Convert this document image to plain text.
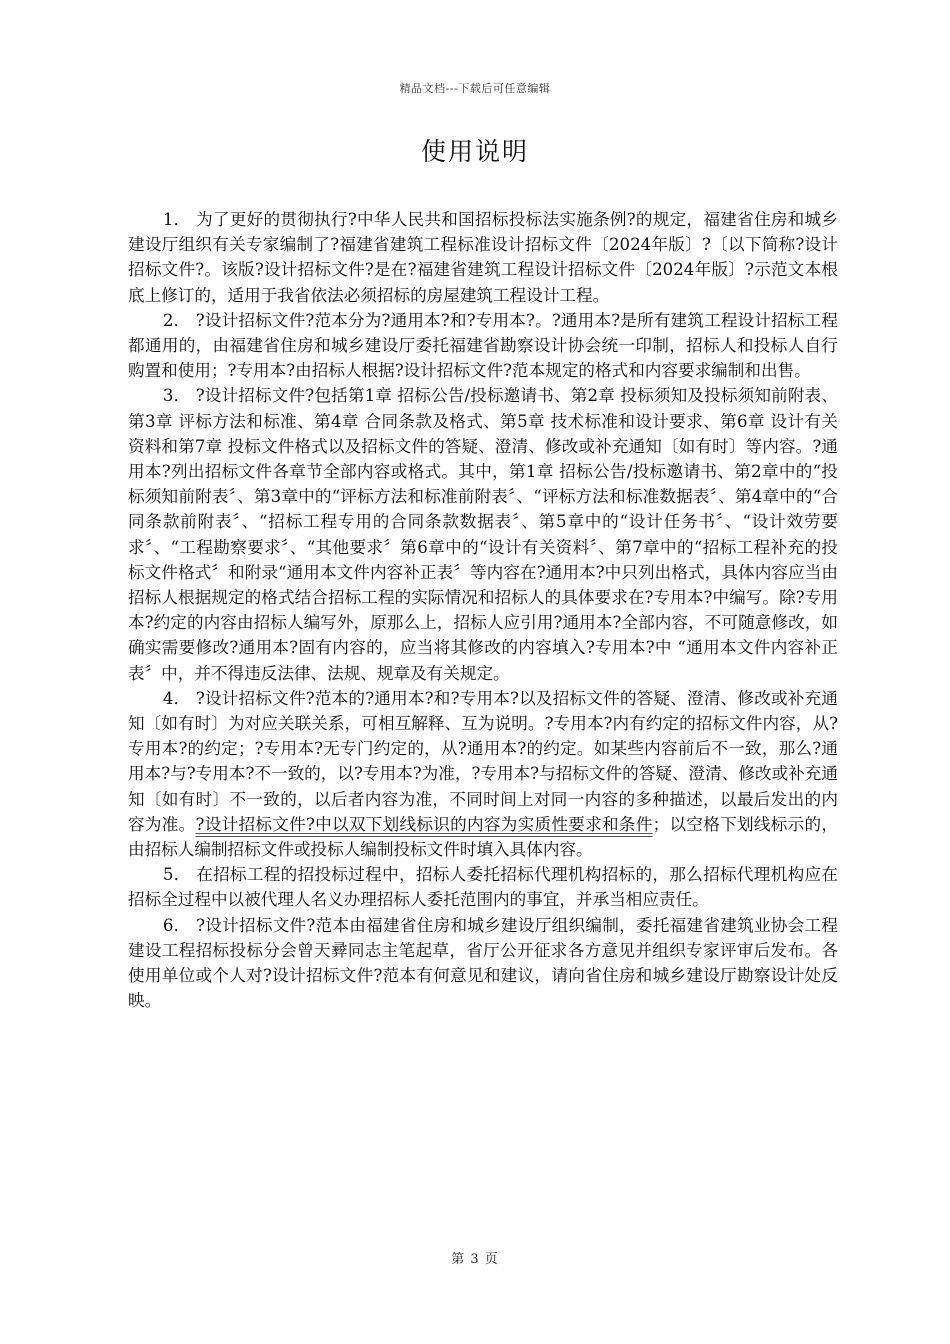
精品文档---下载后可任意编辑
使用说明

1． 为了更好的贯彻执行?中华人民共和国招标投标法实施条例?的规定，福建省住房和城乡建设厅组织有关专家编制了?福建省建筑工程标准设计招标文件〔2024年版〕?〔以下简称?设计招标文件?。该版?设计招标文件?是在?福建省建筑工程设计招标文件〔2024年版〕?示范文本根底上修订的，适用于我省依法必须招标的房屋建筑工程设计工程。

2． ?设计招标文件?范本分为?通用本?和?专用本?。?通用本?是所有建筑工程设计招标工程都通用的，由福建省住房和城乡建设厅委托福建省勘察设计协会统一印制，招标人和投标人自行购置和使用；?专用本?由招标人根据?设计招标文件?范本规定的格式和内容要求编制和出售。

3． ?设计招标文件?包括第1章 招标公告/投标邀请书、第2章 投标须知及投标须知前附表、第3章 评标方法和标准、第4章 合同条款及格式、第5章 技术标准和设计要求、第6章 设计有关资料和第7章 投标文件格式以及招标文件的答疑、澄清、修改或补充通知〔如有时〕等内容。?通用本?列出招标文件各章节全部内容或格式。其中，第1章 招标公告/投标邀请书、第2章中的“投标须知前附表〞、第3章中的“评标方法和标准前附表〞、“评标方法和标准数据表〞、第4章中的“合同条款前附表〞、“招标工程专用的合同条款数据表〞、第5章中的“设计任务书〞、“设计效劳要求〞、“工程勘察要求〞、“其他要求〞第6章中的“设计有关资料〞、第7章中的“招标工程补充的投标文件格式〞和附录“通用本文件内容补正表〞等内容在?通用本?中只列出格式，具体内容应当由招标人根据规定的格式结合招标工程的实际情况和招标人的具体要求在?专用本?中编写。除?专用本?约定的内容由招标人编写外，原那么上，招标人应引用?通用本?全部内容，不可随意修改，如确实需要修改?通用本?固有内容的，应当将其修改的内容填入?专用本?中 “通用本文件内容补正表〞中，并不得违反法律、法规、规章及有关规定。

4． ?设计招标文件?范本的?通用本?和?专用本?以及招标文件的答疑、澄清、修改或补充通知〔如有时〕为对应关联关系，可相互解释、互为说明。?专用本?内有约定的招标文件内容，从?专用本?的约定；?专用本?无专门约定的，从?通用本?的约定。如某些内容前后不一致，那么?通用本?与?专用本?不一致的，以?专用本?为准，?专用本?与招标文件的答疑、澄清、修改或补充通知〔如有时〕不一致的，以后者内容为准，不同时间上对同一内容的多种描述，以最后发出的内容为准。?设计招标文件?中以双下划线标识的内容为实质性要求和条件；以空格下划线标示的，由招标人编制招标文件或投标人编制投标文件时填入具体内容。

5． 在招标工程的招投标过程中，招标人委托招标代理机构招标的，那么招标代理机构应在招标全过程中以被代理人名义办理招标人委托范围内的事宜，并承当相应责任。

6． ?设计招标文件?范本由福建省住房和城乡建设厅组织编制，委托福建省建筑业协会工程建设工程招标投标分会曾天彛同志主笔起草，省厅公开征求各方意见并组织专家评审后发布。各使用单位或个人对?设计招标文件?范本有何意见和建议，请向省住房和城乡建设厅勘察设计处反映。

第 3 页
